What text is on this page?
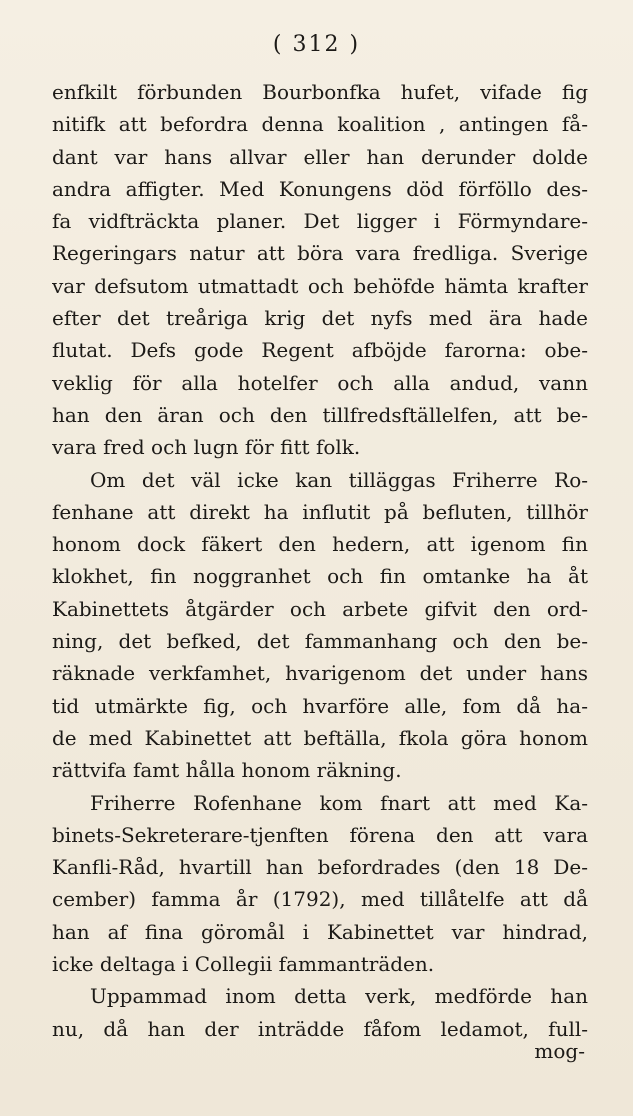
( 312 )
enfkilt förbunden Bourbonfka hufet, vifade fig
nitifk att befordra denna koalition , antingen få-
dant var hans allvar eller han derunder dolde
andra affigter. Med Konungens död förföllo des-
fa vidfträckta planer. Det ligger i Förmyndare-
Regeringars natur att böra vara fredliga. Sverige
var defsutom utmattadt och behöfde hämta krafter
efter det treåriga krig det nyfs med ära hade
flutat. Defs gode Regent afböjde farorna: obe-
veklig för alla hotelfer och alla andud, vann
han den äran och den tillfredsftällelfen, att be-
vara fred och lugn för fitt folk.
Om det väl icke kan tilläggas Friherre Ro-
fenhane att direkt ha influtit på befluten, tillhör
honom dock fäkert den hedern, att igenom fin
klokhet, fin noggranhet och fin omtanke ha åt
Kabinettets åtgärder och arbete gifvit den ord-
ning, det befked, det fammanhang och den be-
räknade verkfamhet, hvarigenom det under hans
tid utmärkte fig, och hvarföre alle, fom då ha-
de med Kabinettet att beftälla, fkola göra honom
rättvifa famt hålla honom räkning.
Friherre Rofenhane kom fnart att med Ka-
binets-Sekreterare-tjenften förena den att vara
Kanfli-Råd, hvartill han befordrades (den 18 De-
cember) famma år (1792), med tillåtelfe att då
han af fina göromål i Kabinettet var hindrad,
icke deltaga i Collegii fammanträden.
Uppammad inom detta verk, medförde han
nu, då han der inträdde fåfom ledamot, full-
mog-
